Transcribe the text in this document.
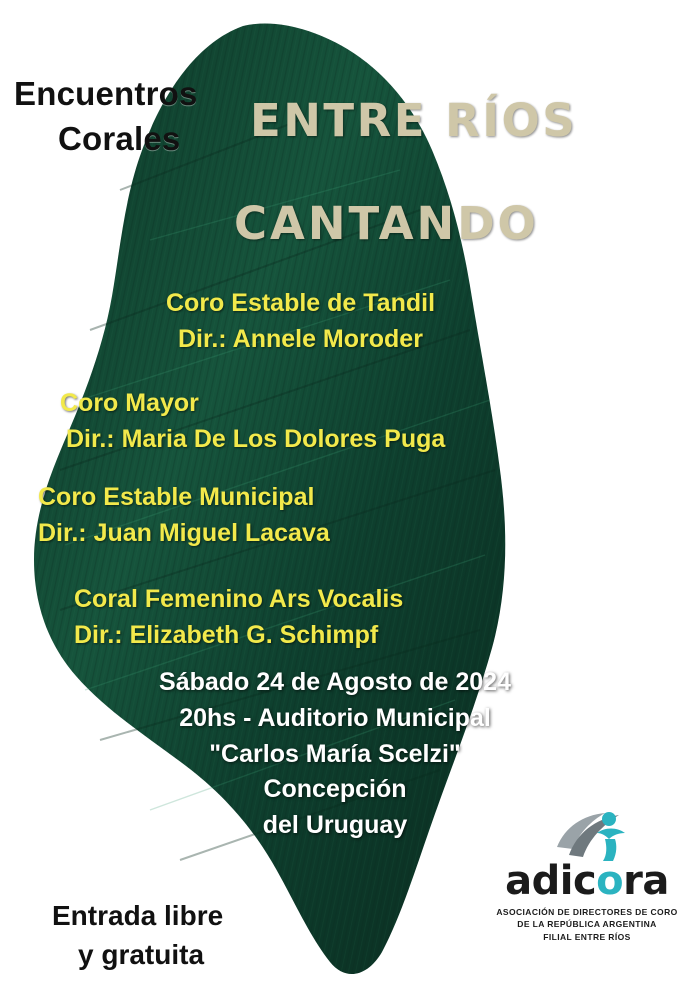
Encuentros
Corales	ENTRE RÍOS
CANTANDO
Coro Estable de Tandil
Dir.: Annele Moroder
Coro Mayor
Dir.: Maria De Los Dolores Puga
Coro Estable Municipal
Dir.: Juan Miguel Lacava
Coral Femenino Ars Vocalis
Dir.: Elizabeth G. Schimpf
Sábado 24 de Agosto de 2024
20hs - Auditorio Municipal
"Carlos María Scelzi"
Concepción
del Uruguay
Entrada libre
y gratuita
adicora
ASOCIACIÓN DE DIRECTORES DE CORO
DE LA REPÚBLICA ARGENTINA
FILIAL ENTRE RÍOS
